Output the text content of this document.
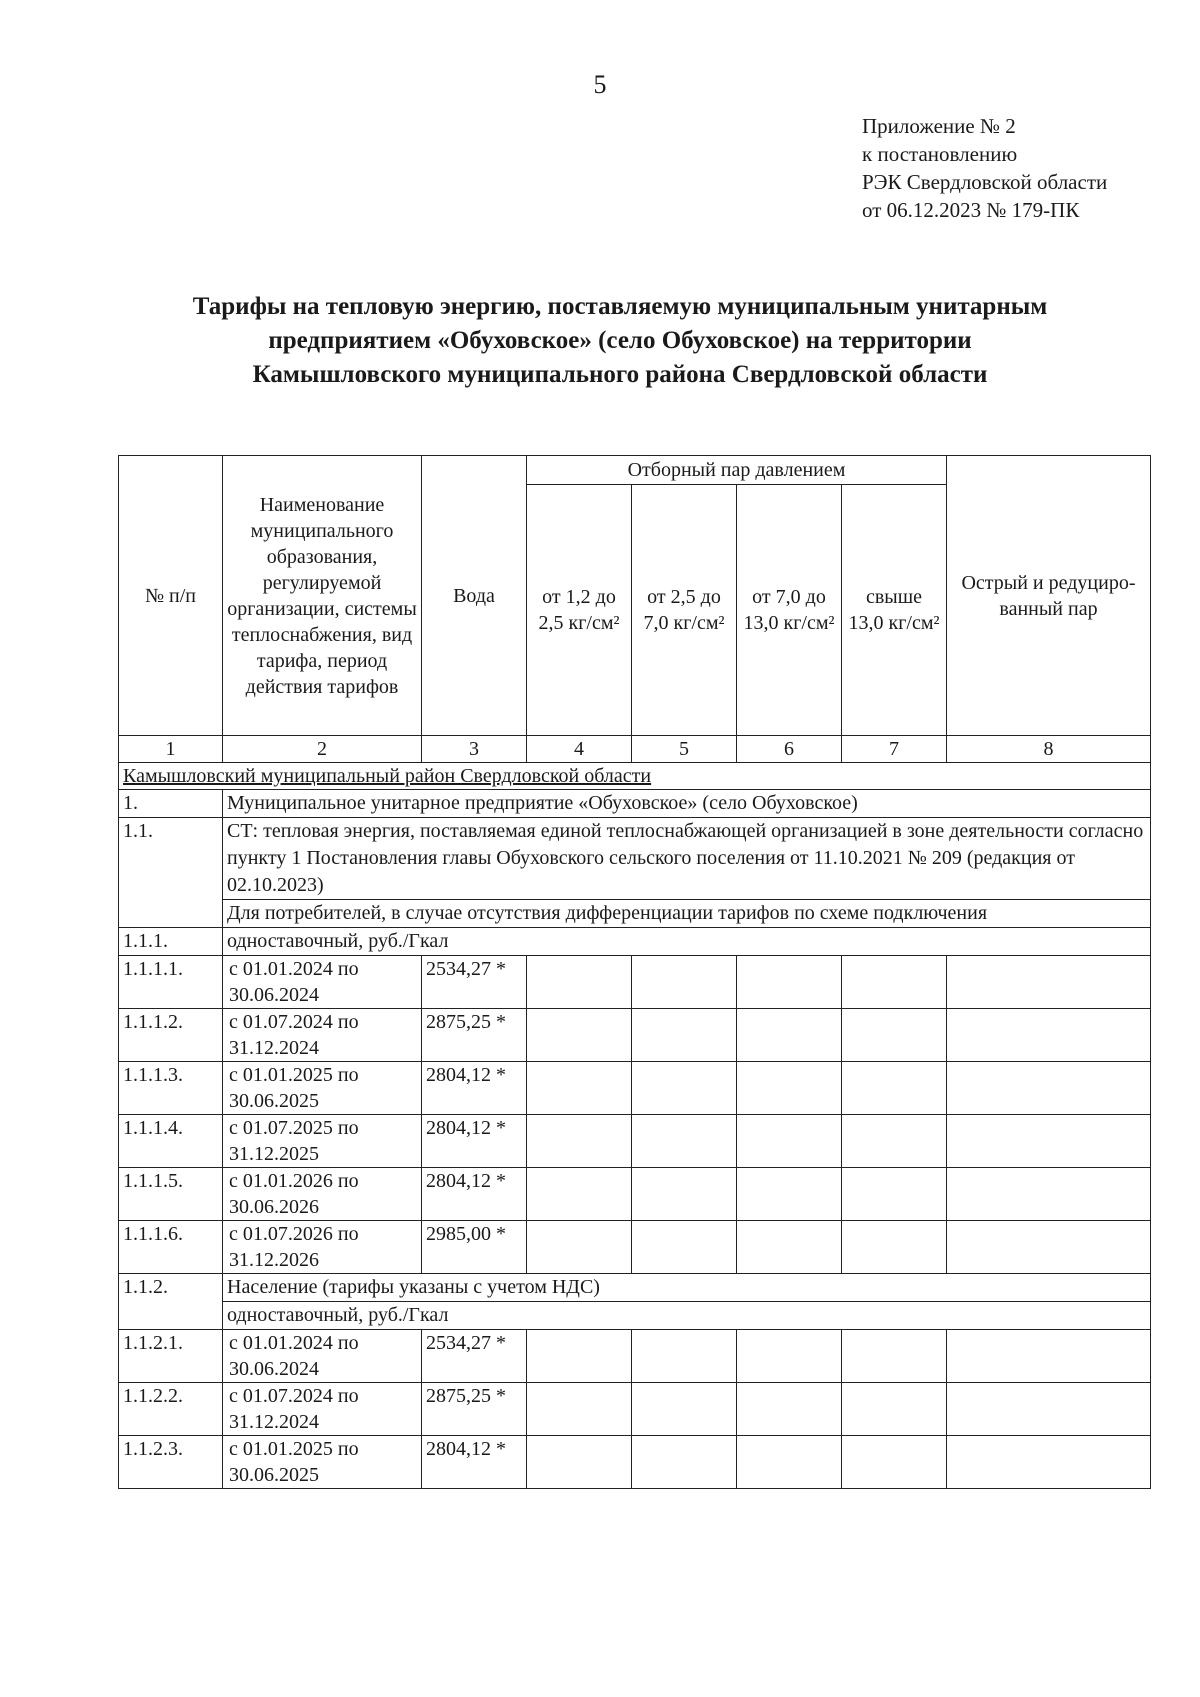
5
Приложение № 2
к постановлению
РЭК Свердловской области
от 06.12.2023 № 179-ПК
Тарифы на тепловую энергию, поставляемую муниципальным унитарным
предприятием «Обуховское» (село Обуховское) на территории
Камышловского муниципального района Свердловской области
№ п/п	Наименование муниципального образования, регулируемой организации, системы теплоснабжения, вид тарифа, период действия тарифов	Вода	Отборный пар давлением				Острый и редуциро-ванный пар
			от 1,2 до 2,5 кг/см²	от 2,5 до 7,0 кг/см²	от 7,0 до 13,0 кг/см²	свыше 13,0 кг/см²	
1	2	3	4	5	6	7	8
Камышловский муниципальный район Свердловской области							
1.	Муниципальное унитарное предприятие «Обуховское» (село Обуховское)						
1.1.	СТ: тепловая энергия, поставляемая единой теплоснабжающей организацией в зоне деятельности согласно пункту 1 Постановления главы Обуховского сельского поселения от 11.10.2021 № 209 (редакция от 02.10.2023)						
	Для потребителей, в случае отсутствия дифференциации тарифов по схеме подключения						
1.1.1.	одноставочный, руб./Гкал						
1.1.1.1.	с 01.01.2024 по 30.06.2024	2534,27 *					
1.1.1.2.	с 01.07.2024 по 31.12.2024	2875,25 *					
1.1.1.3.	с 01.01.2025 по 30.06.2025	2804,12 *					
1.1.1.4.	с 01.07.2025 по 31.12.2025	2804,12 *					
1.1.1.5.	с 01.01.2026 по 30.06.2026	2804,12 *					
1.1.1.6.	с 01.07.2026 по 31.12.2026	2985,00 *					
1.1.2.	Население (тарифы указаны с учетом НДС)						
	одноставочный, руб./Гкал						
1.1.2.1.	с 01.01.2024 по 30.06.2024	2534,27 *					
1.1.2.2.	с 01.07.2024 по 31.12.2024	2875,25 *					
1.1.2.3.	с 01.01.2025 по 30.06.2025	2804,12 *					
